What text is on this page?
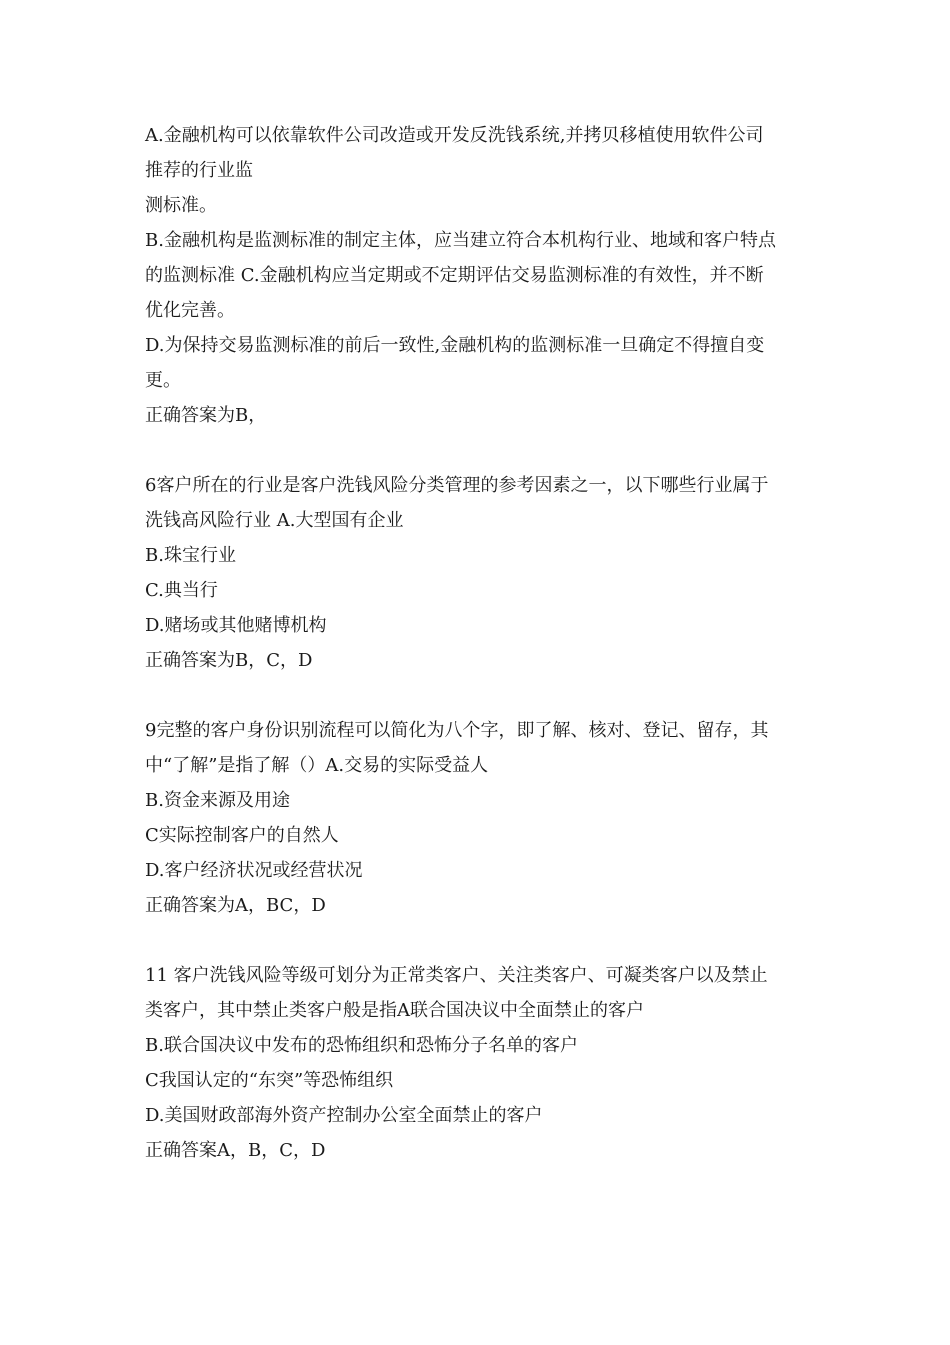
A.金融机构可以依靠软件公司改造或开发反洗钱系统,并拷贝移植使用软件公司
推荐的行业监
测标准。
B.金融机构是监测标准的制定主体，应当建立符合本机构行业、地域和客户特点
的监测标准 C.金融机构应当定期或不定期评估交易监测标准的有效性，并不断
优化完善。
D.为保持交易监测标准的前后一致性,金融机构的监测标准一旦确定不得擅自变
更。
正确答案为B，
6客户所在的行业是客户洗钱风险分类管理的参考因素之一，以下哪些行业属于
洗钱高风险行业 A.大型国有企业
B.珠宝行业
C.典当行
D.赌场或其他赌博机构
正确答案为B，C，D
9完整的客户身份识别流程可以简化为八个字，即了解、核对、登记、留存，其
中“了解”是指了解（）A.交易的实际受益人
B.资金来源及用途
C实际控制客户的自然人
D.客户经济状况或经营状况
正确答案为A，BC，D
11 客户洗钱风险等级可划分为正常类客户、关注类客户、可凝类客户以及禁止
类客户，其中禁止类客户般是指A联合国决议中全面禁止的客户
B.联合国决议中发布的恐怖组织和恐怖分子名单的客户
C我国认定的“东突”等恐怖组织
D.美国财政部海外资产控制办公室全面禁止的客户
正确答案A，B，C，D
